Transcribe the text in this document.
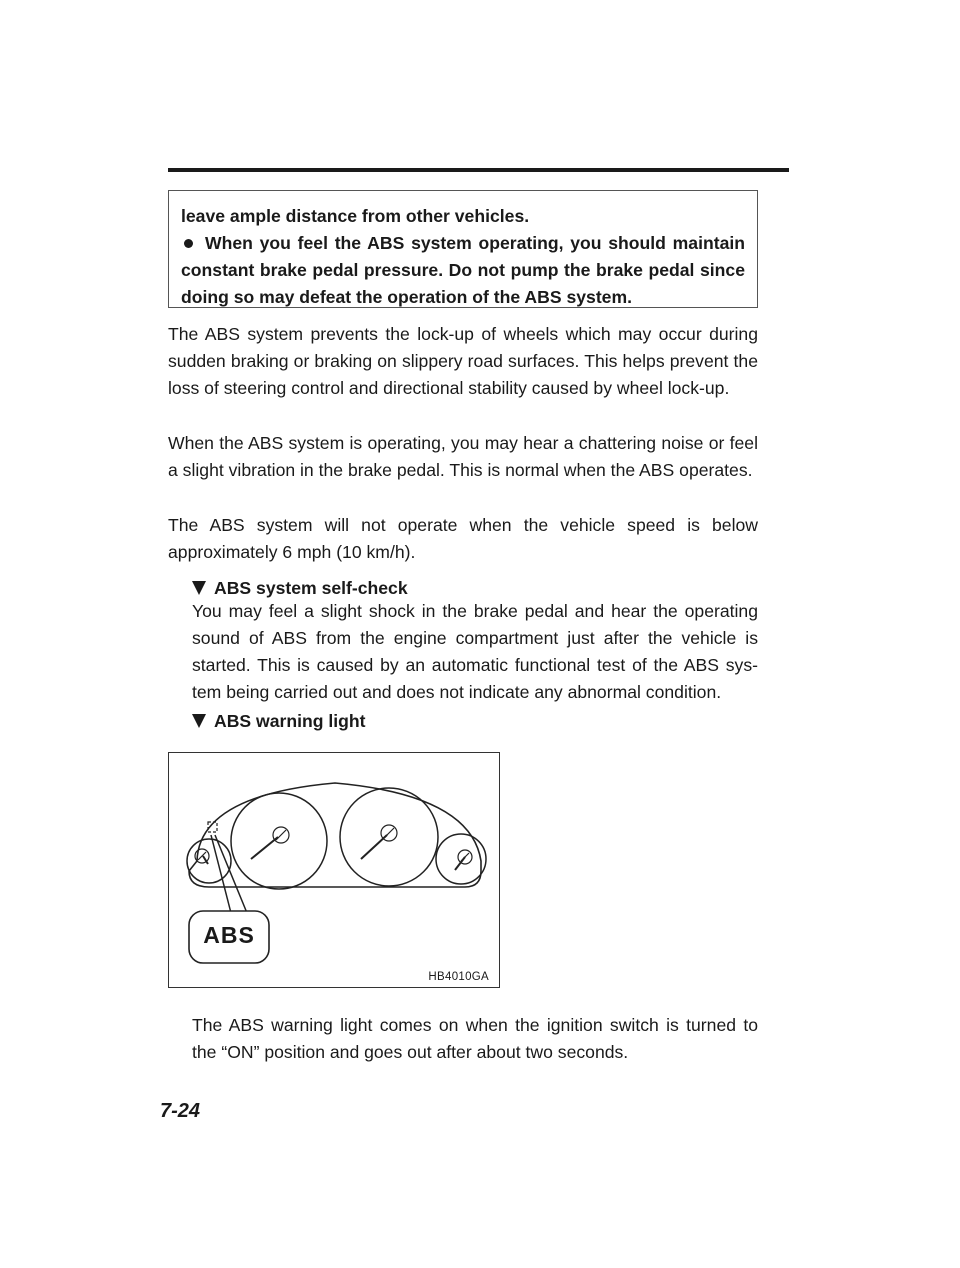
leave ample distance from other vehicles.

When you feel the ABS system operating, you should maintain constant brake pedal pressure. Do not pump the brake pedal since doing so may defeat the operation of the ABS system.

The ABS system prevents the lock-up of wheels which may occur during sudden braking or braking on slippery road surfaces. This helps prevent the loss of steering control and directional stability caused by wheel lock-up.

When the ABS system is operating, you may hear a chattering noise or feel a slight vibration in the brake pedal. This is normal when the ABS operates.

The ABS system will not operate when the vehicle speed is below approximately 6 mph (10 km/h).

ABS system self-check

You may feel a slight shock in the brake pedal and hear the operating sound of ABS from the engine compartment just after the vehicle is started. This is caused by an automatic functional test of the ABS sys-tem being carried out and does not indicate any abnormal condition.

ABS warning light
ABS
HB4010GA

The ABS warning light comes on when the ignition switch is turned to the “ON” position and goes out after about two seconds.

7-24
